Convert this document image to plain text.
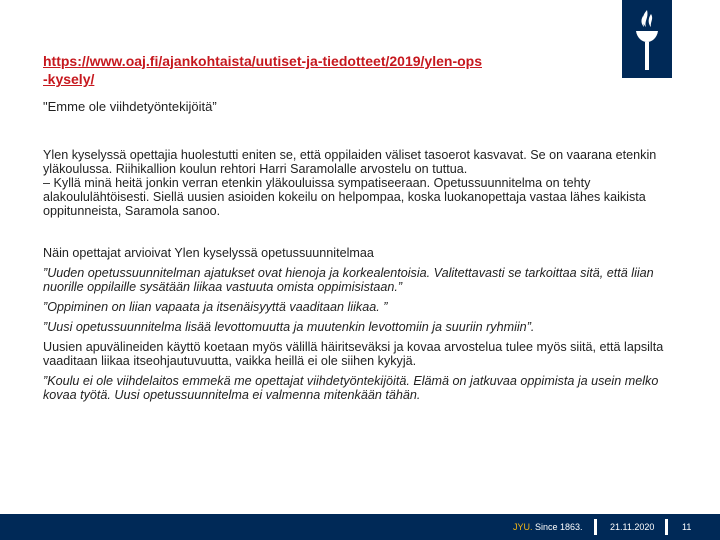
https://www.oaj.fi/ajankohtaista/uutiset-ja-tiedotteet/2019/ylen-ops
-kysely/
"Emme ole viihdetyöntekijöitä”
Ylen kyselyssä opettajia huolestutti eniten se, että oppilaiden väliset tasoerot kasvavat. Se on vaarana etenkin yläkoulussa. Riihikallion koulun rehtori Harri Saramolalle arvostelu on tuttua.
– Kyllä minä heitä jonkin verran etenkin yläkouluissa sympatiseeraan. Opetussuunnitelma on tehty alakoululähtöisesti. Siellä uusien asioiden kokeilu on helpompaa, koska luokanopettaja vastaa lähes kaikista oppitunneista, Saramola sanoo.
Näin opettajat arvioivat Ylen kyselyssä opetussuunnitelmaa
”Uuden opetussuunnitelman ajatukset ovat hienoja ja korkealentoisia. Valitettavasti se tarkoittaa sitä, että liian nuorille oppilaille sysätään liikaa vastuuta omista oppimisistaan.”
”Oppiminen on liian vapaata ja itsenäisyyttä vaaditaan liikaa. ”
”Uusi opetussuunnitelma lisää levottomuutta ja muutenkin levottomiin ja suuriin ryhmiin”.
Uusien apuvälineiden käyttö koetaan myös välillä häiritseväksi ja kovaa arvostelua tulee myös siitä, että lapsilta vaaditaan liikaa itseohjautuvuutta, vaikka heillä ei ole siihen kykyjä.
”Koulu ei ole viihdelaitos emmekä me opettajat viihdetyöntekijöitä. Elämä on jatkuvaa oppimista ja usein melko kovaa työtä. Uusi opetussuunnitelma ei valmenna mitenkään tähän.
JYU. Since 1863.	21.11.2020	11
